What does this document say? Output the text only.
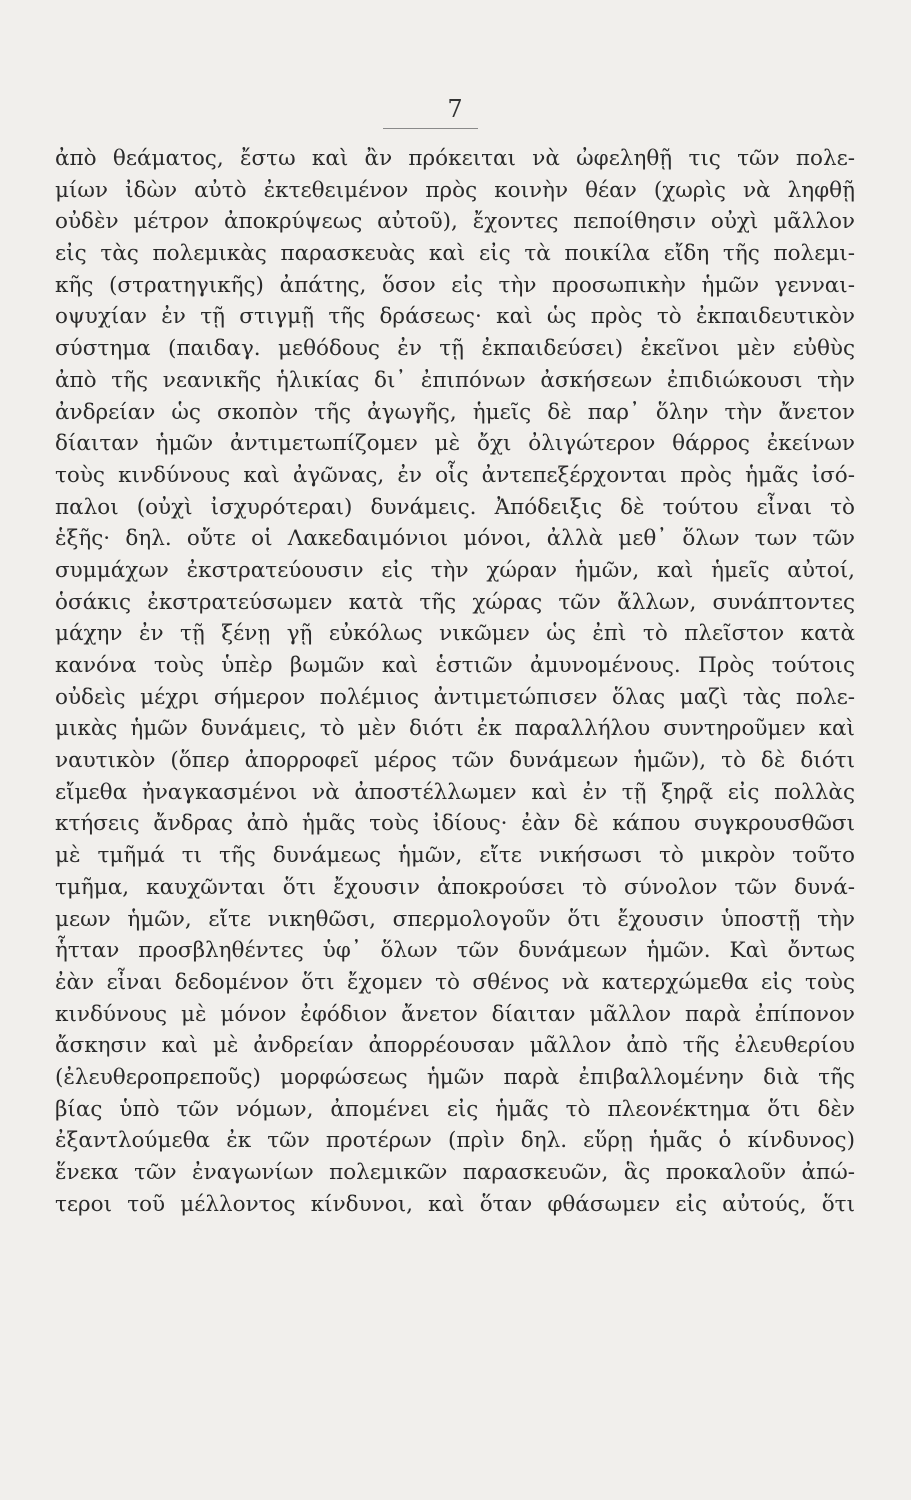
7
ἀπὸ θεάματος, ἔστω καὶ ἂν πρόκειται νὰ ὠφεληθῇ τις τῶν πολε-
μίων ἰδὼν αὐτὸ ἐκτεθειμένον πρὸς κοινὴν θέαν (χωρὶς νὰ ληφθῇ
οὐδὲν μέτρον ἀποκρύψεως αὐτοῦ), ἔχοντες πεποίθησιν οὐχὶ μᾶλλον
εἰς τὰς πολεμικὰς παρασκευὰς καὶ εἰς τὰ ποικίλα εἴδη τῆς πολεμι-
κῆς (στρατηγικῆς) ἀπάτης, ὅσον εἰς τὴν προσωπικὴν ἡμῶν γενναι-
οψυχίαν ἐν τῇ στιγμῇ τῆς δράσεως· καὶ ὡς πρὸς τὸ ἐκπαιδευτικὸν
σύστημα (παιδαγ. μεθόδους ἐν τῇ ἐκπαιδεύσει) ἐκεῖνοι μὲν εὐθὺς
ἀπὸ τῆς νεανικῆς ἡλικίας δι᾽ ἐπιπόνων ἀσκήσεων ἐπιδιώκουσι τὴν
ἀνδρείαν ὡς σκοπὸν τῆς ἀγωγῆς, ἡμεῖς δὲ παρ᾽ ὅλην τὴν ἄνετον
δίαιταν ἡμῶν ἀντιμετωπίζομεν μὲ ὄχι ὀλιγώτερον θάρρος ἐκείνων
τοὺς κινδύνους καὶ ἀγῶνας, ἐν οἷς ἀντεπεξέρχονται πρὸς ἡμᾶς ἰσό-
παλοι (οὐχὶ ἰσχυρότεραι) δυνάμεις. Ἀπόδειξις δὲ τούτου εἶναι τὸ
ἑξῆς· δηλ. οὔτε οἱ Λακεδαιμόνιοι μόνοι, ἀλλὰ μεθ᾽ ὅλων των τῶν
συμμάχων ἐκστρατεύουσιν εἰς τὴν χώραν ἡμῶν, καὶ ἡμεῖς αὐτοί,
ὁσάκις ἐκστρατεύσωμεν κατὰ τῆς χώρας τῶν ἄλλων, συνάπτοντες
μάχην ἐν τῇ ξένῃ γῇ εὐκόλως νικῶμεν ὡς ἐπὶ τὸ πλεῖστον κατὰ
κανόνα τοὺς ὑπὲρ βωμῶν καὶ ἑστιῶν ἀμυνομένους. Πρὸς τούτοις
οὐδεὶς μέχρι σήμερον πολέμιος ἀντιμετώπισεν ὅλας μαζὶ τὰς πολε-
μικὰς ἡμῶν δυνάμεις, τὸ μὲν διότι ἐκ παραλλήλου συντηροῦμεν καὶ
ναυτικὸν (ὅπερ ἀπορροφεῖ μέρος τῶν δυνάμεων ἡμῶν), τὸ δὲ διότι
εἴμεθα ἠναγκασμένοι νὰ ἀποστέλλωμεν καὶ ἐν τῇ ξηρᾷ εἰς πολλὰς
κτήσεις ἄνδρας ἀπὸ ἡμᾶς τοὺς ἰδίους· ἐὰν δὲ κάπου συγκρουσθῶσι
μὲ τμῆμά τι τῆς δυνάμεως ἡμῶν, εἴτε νικήσωσι τὸ μικρὸν τοῦτο
τμῆμα, καυχῶνται ὅτι ἔχουσιν ἀποκρούσει τὸ σύνολον τῶν δυνά-
μεων ἡμῶν, εἴτε νικηθῶσι, σπερμολογοῦν ὅτι ἔχουσιν ὑποστῇ τὴν
ἧτταν προσβληθέντες ὑφ᾽ ὅλων τῶν δυνάμεων ἡμῶν. Καὶ ὄντως
ἐὰν εἶναι δεδομένον ὅτι ἔχομεν τὸ σθένος νὰ κατερχώμεθα εἰς τοὺς
κινδύνους μὲ μόνον ἐφόδιον ἄνετον δίαιταν μᾶλλον παρὰ ἐπίπονον
ἄσκησιν καὶ μὲ ἀνδρείαν ἀπορρέουσαν μᾶλλον ἀπὸ τῆς ἐλευθερίου
(ἐλευθεροπρεποῦς) μορφώσεως ἡμῶν παρὰ ἐπιβαλλομένην διὰ τῆς
βίας ὑπὸ τῶν νόμων, ἀπομένει εἰς ἡμᾶς τὸ πλεονέκτημα ὅτι δὲν
ἐξαντλούμεθα ἐκ τῶν προτέρων (πρὶν δηλ. εὕρῃ ἡμᾶς ὁ κίνδυνος)
ἕνεκα τῶν ἐναγωνίων πολεμικῶν παρασκευῶν, ἃς προκαλοῦν ἀπώ-
τεροι τοῦ μέλλοντος κίνδυνοι, καὶ ὅταν φθάσωμεν εἰς αὐτούς, ὅτι
